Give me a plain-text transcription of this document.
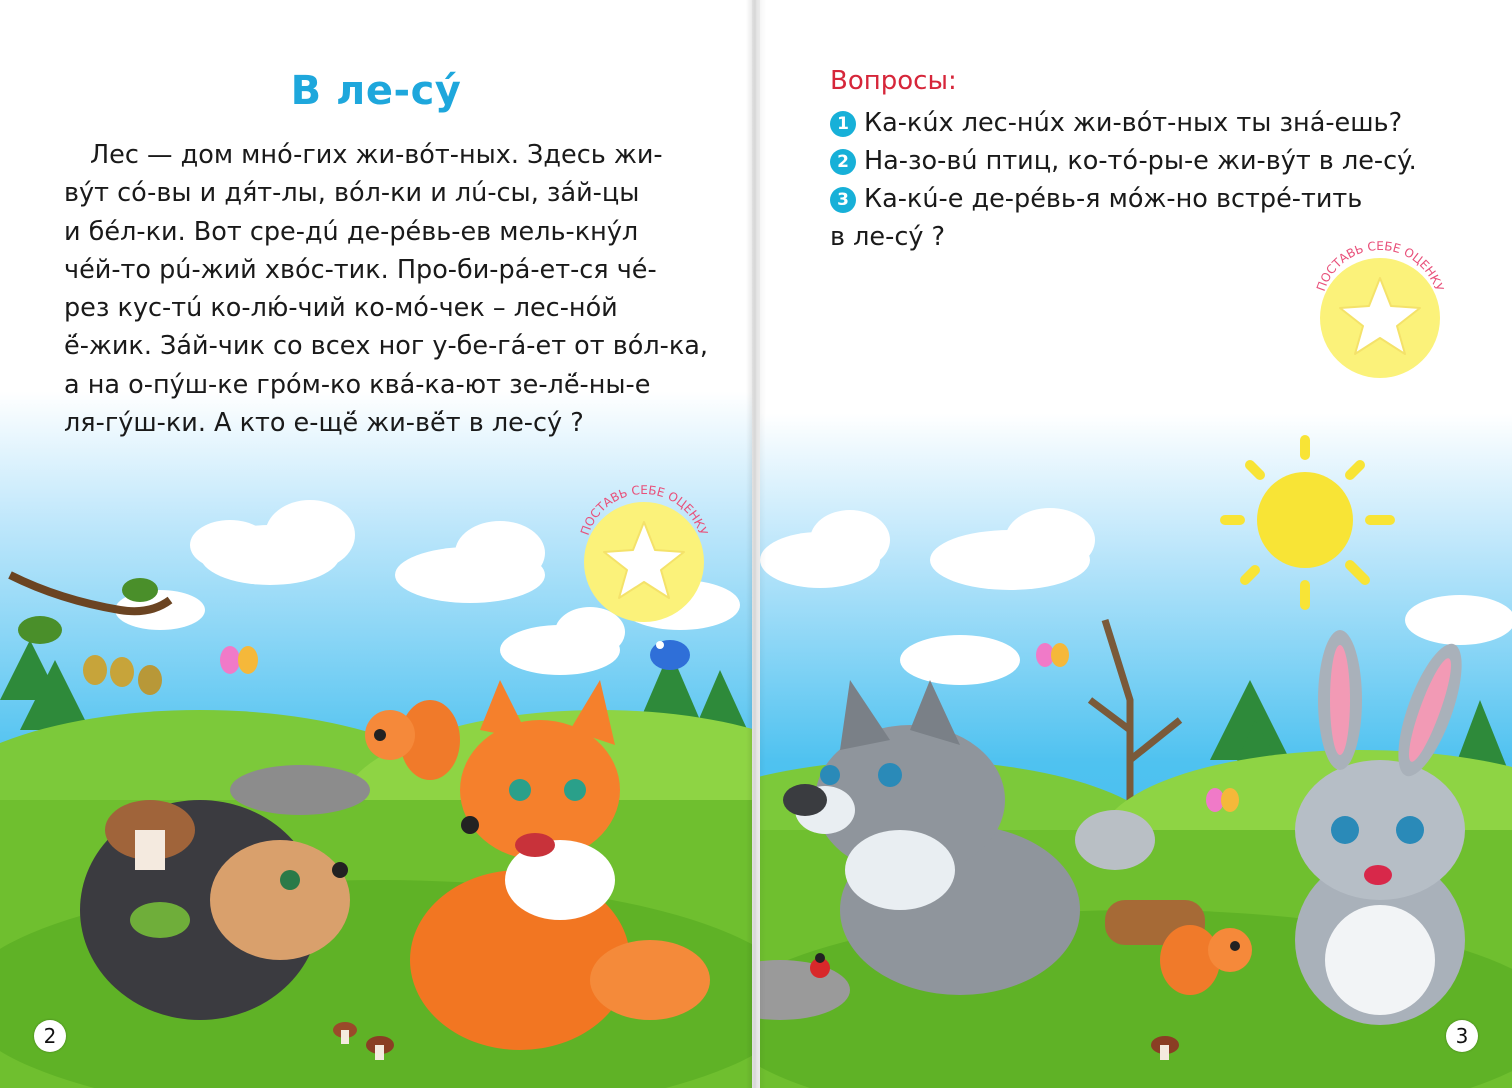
ПОСТАВЬ СЕБЕ ОЦЕНКУ
В ле-сý
Лес — дом мнó-гих жи-вóт-ных. Здесь жи-
вýт сó-вы и дя́т-лы, вóл-ки и лú-сы, зáй-цы
и бéл-ки. Вот сре-дú де-рéвь-ев мель-кнýл
чéй-то рú-жий хвóс-тик. Про-би-рá-ет-ся чé-
рез кус-тú ко-лю́-чий ко-мó-чек – лес-нóй
ё́-жик. Зáй-чик со всех ног у-бе-гá-ет от вóл-ка,
а на о-пýш-ке грóм-ко квá-ка-ют зе-лё́-ны-е
ля-гýш-ки. А кто е-щё́ жи-вё́т в ле-сý ?
2
ПОСТАВЬ СЕБЕ ОЦЕНКУ
Вопросы:
1 Ка-кúх лес-нúх жи-вóт-ных ты знá-ешь?
2 На-зо-вú птиц, ко-тó-ры-е жи-вýт в ле-сý.
3 Ка-кú-е де-рéвь-я мóж-но встрé-тить
в ле-сý ?
3
